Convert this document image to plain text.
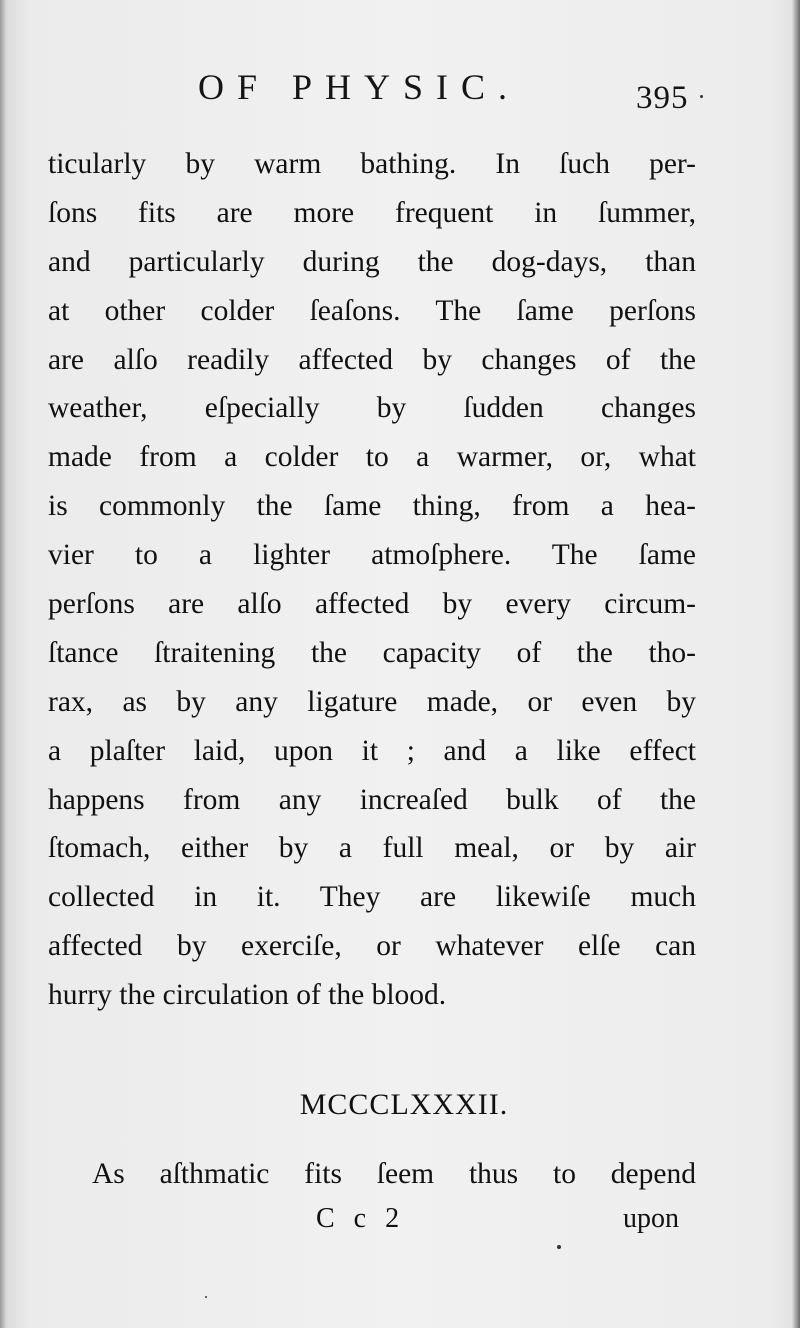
OF PHYSIC.	395
ticularly by warm bathing. In ſuch per-
ſons fits are more frequent in ſummer,
and particularly during the dog-days, than
at other colder ſeaſons. The ſame perſons
are alſo readily affected by changes of the
weather, eſpecially by ſudden changes
made from a colder to a warmer, or, what
is commonly the ſame thing, from a hea-
vier to a lighter atmoſphere. The ſame
perſons are alſo affected by every circum-
ſtance ſtraitening the capacity of the tho-
rax, as by any ligature made, or even by
a plaſter laid, upon it ; and a like effect
happens from any increaſed bulk of the
ſtomach, either by a full meal, or by air
collected in it. They are likewiſe much
affected by exerciſe, or whatever elſe can
hurry the circulation of the blood.
MCCCLXXXII.
As aſthmatic fits ſeem thus to depend
C c 2	upon
